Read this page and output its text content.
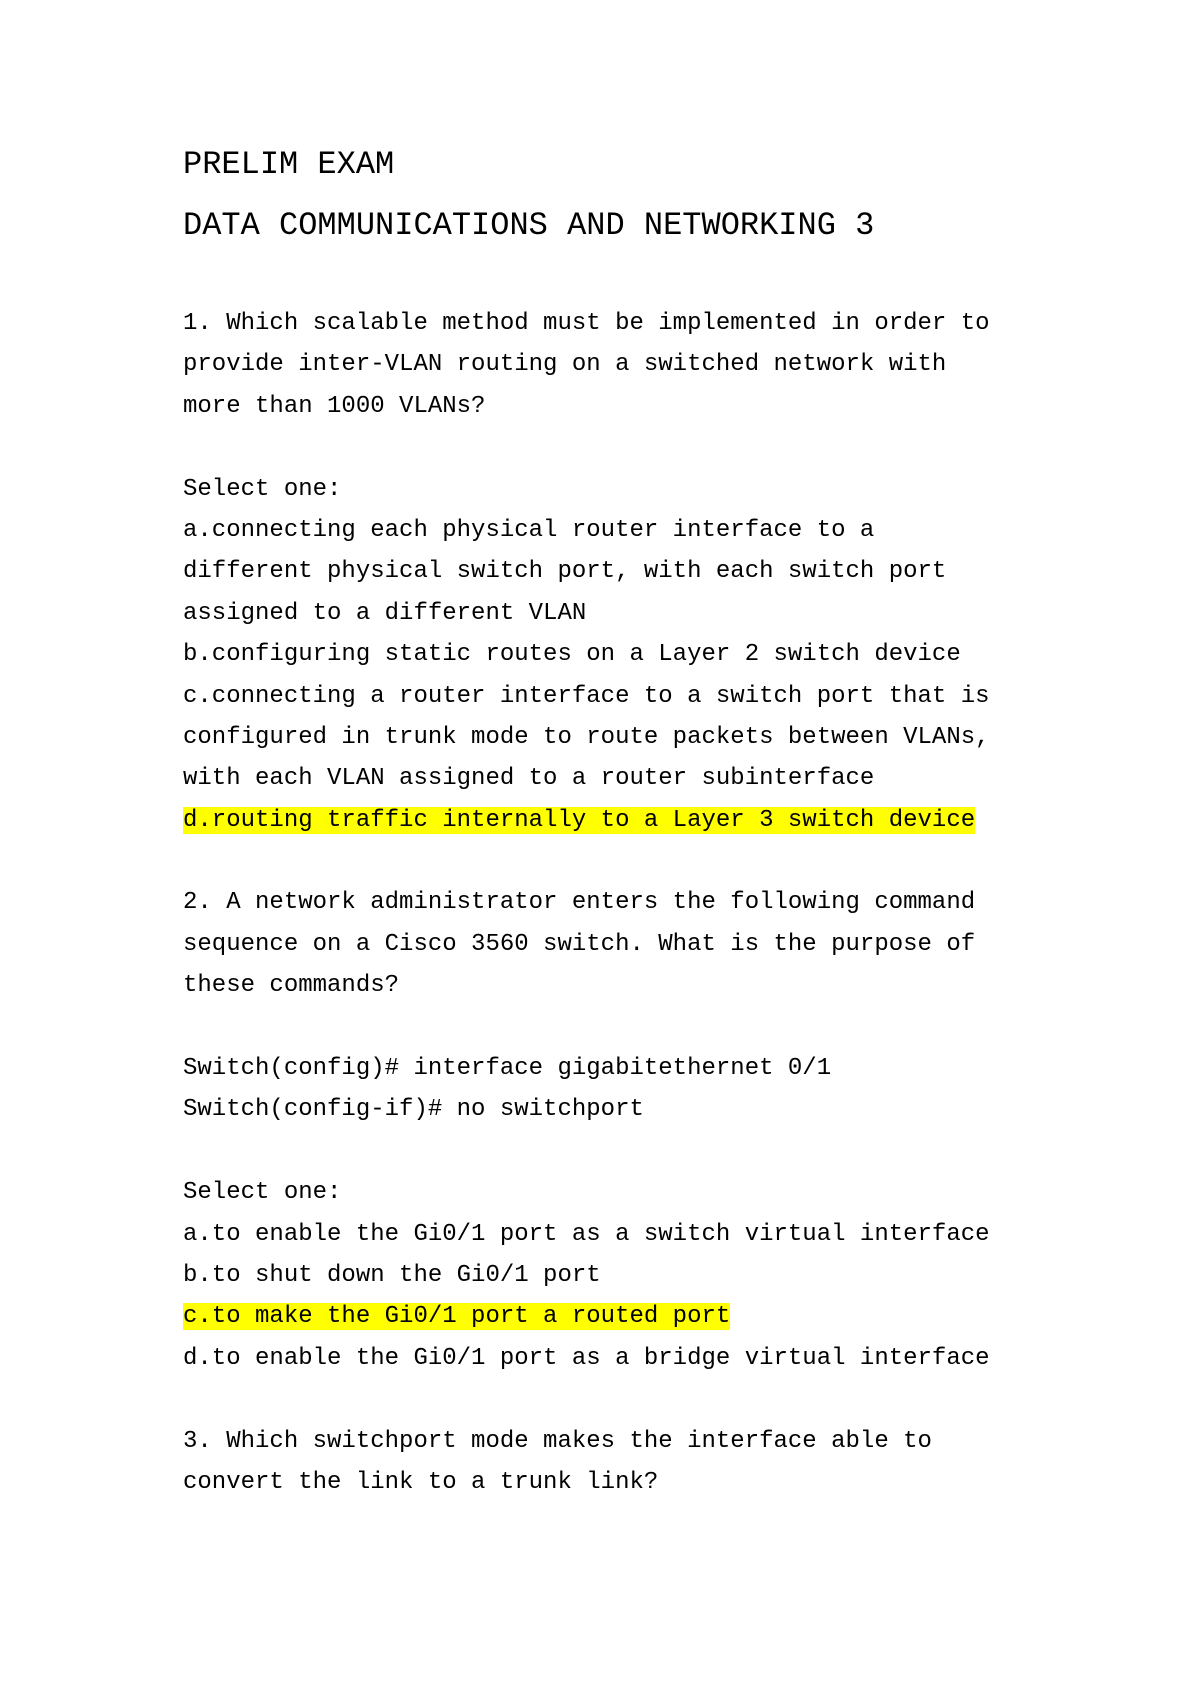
PRELIM EXAM
DATA COMMUNICATIONS AND NETWORKING 3
1. Which scalable method must be implemented in order to
provide inter-VLAN routing on a switched network with
more than 1000 VLANs?
Select one:
a.connecting each physical router interface to a
different physical switch port, with each switch port
assigned to a different VLAN
b.configuring static routes on a Layer 2 switch device
c.connecting a router interface to a switch port that is
configured in trunk mode to route packets between VLANs,
with each VLAN assigned to a router subinterface
d.routing traffic internally to a Layer 3 switch device
2. A network administrator enters the following command
sequence on a Cisco 3560 switch. What is the purpose of
these commands?
Switch(config)# interface gigabitethernet 0/1
Switch(config-if)# no switchport
Select one:
a.to enable the Gi0/1 port as a switch virtual interface
b.to shut down the Gi0/1 port
c.to make the Gi0/1 port a routed port
d.to enable the Gi0/1 port as a bridge virtual interface
3. Which switchport mode makes the interface able to
convert the link to a trunk link?
